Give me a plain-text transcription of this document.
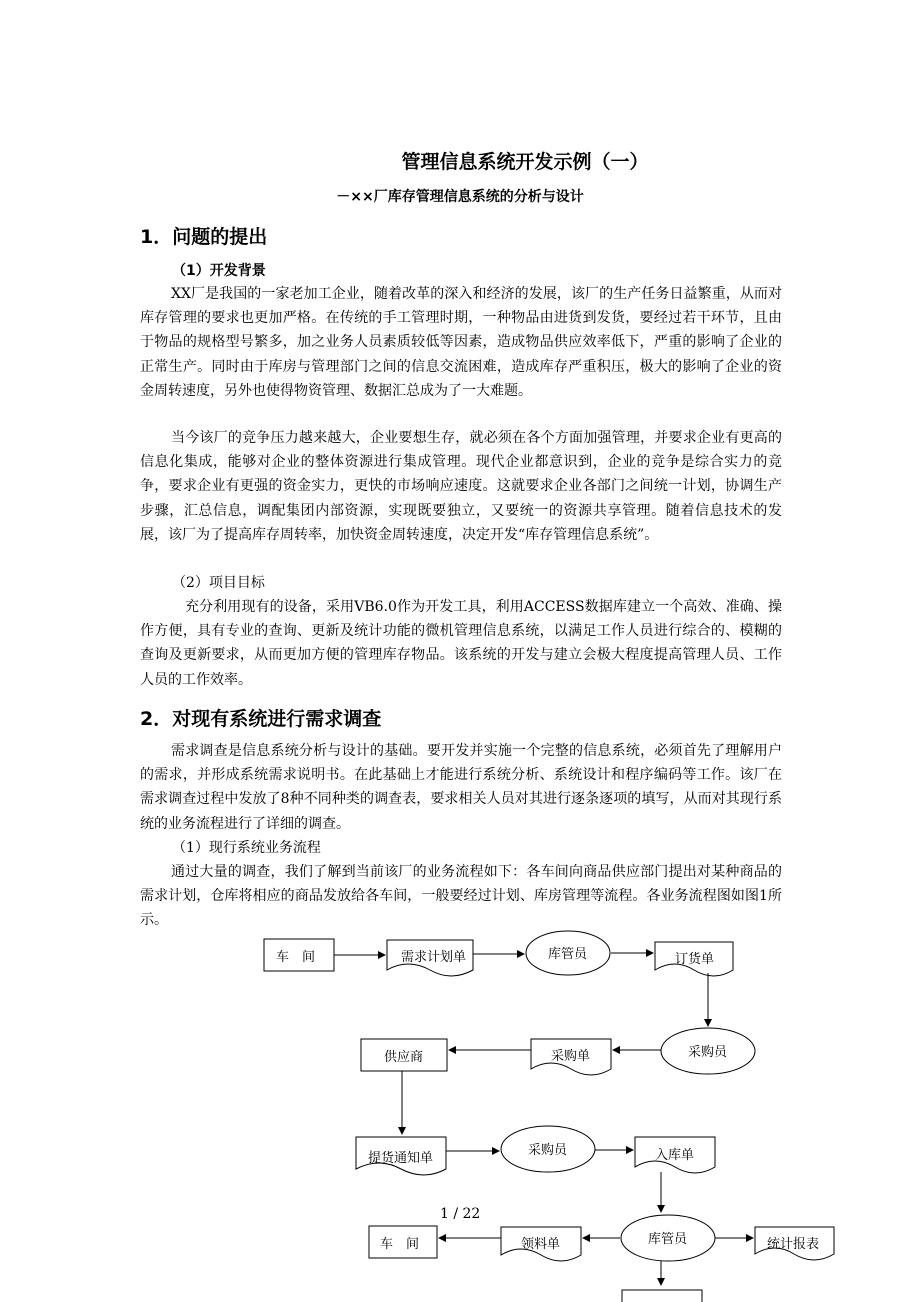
管理信息系统开发示例（一）
－××厂库存管理信息系统的分析与设计
1．问题的提出
（1）开发背景

XX厂是我国的一家老加工企业，随着改革的深入和经济的发展，该厂的生产任务日益繁重，从而对库存管理的要求也更加严格。在传统的手工管理时期，一种物品由进货到发货，要经过若干环节，且由于物品的规格型号繁多，加之业务人员素质较低等因素，造成物品供应效率低下，严重的影响了企业的正常生产。同时由于库房与管理部门之间的信息交流困难，造成库存严重积压，极大的影响了企业的资金周转速度，另外也使得物资管理、数据汇总成为了一大难题。

当今该厂的竞争压力越来越大，企业要想生存，就必须在各个方面加强管理，并要求企业有更高的信息化集成，能够对企业的整体资源进行集成管理。现代企业都意识到，企业的竞争是综合实力的竞争，要求企业有更强的资金实力，更快的市场响应速度。这就要求企业各部门之间统一计划，协调生产步骤，汇总信息，调配集团内部资源，实现既要独立，又要统一的资源共享管理。随着信息技术的发展，该厂为了提高库存周转率，加快资金周转速度，决定开发“库存管理信息系统”。

（2）项目目标

充分利用现有的设备，采用VB6.0作为开发工具，利用ACCESS数据库建立一个高效、准确、操作方便，具有专业的查询、更新及统计功能的微机管理信息系统，以满足工作人员进行综合的、模糊的查询及更新要求，从而更加方便的管理库存物品。该系统的开发与建立会极大程度提高管理人员、工作人员的工作效率。

2．对现有系统进行需求调查

需求调查是信息系统分析与设计的基础。要开发并实施一个完整的信息系统，必须首先了理解用户的需求，并形成系统需求说明书。在此基础上才能进行系统分析、系统设计和程序编码等工作。该厂在需求调查过程中发放了8种不同种类的调查表，要求相关人员对其进行逐条逐项的填写，从而对其现行系统的业务流程进行了详细的调查。

（1）现行系统业务流程

通过大量的调查，我们了解到当前该厂的业务流程如下：各车间向商品供应部门提出对某种商品的需求计划，仓库将相应的商品发放给各车间，一般要经过计划、库房管理等流程。各业务流程图如图1所示。

车　间	需求计划单	库管员	订货单
采购员
采购单
供应商
提货通知单
采购员	入库单
库管员
领料单
车　间	统计报表
1 / 22
